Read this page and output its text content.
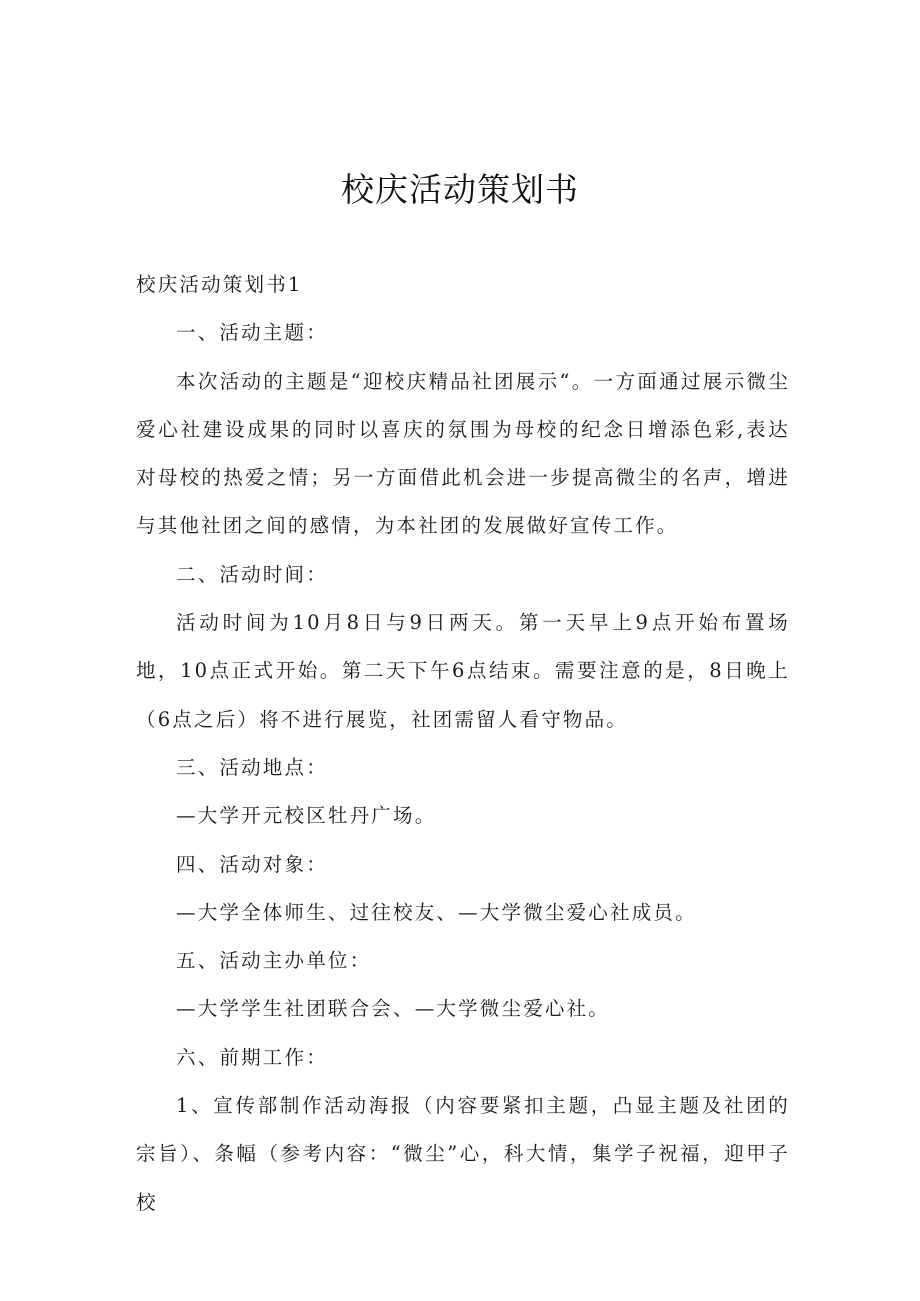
校庆活动策划书

校庆活动策划书1

一、活动主题：

本次活动的主题是“迎校庆精品社团展示“。一方面通过展示微尘爱心社建设成果的同时以喜庆的氛围为母校的纪念日增添色彩,表达对母校的热爱之情；另一方面借此机会进一步提高微尘的名声，增进与其他社团之间的感情，为本社团的发展做好宣传工作。

二、活动时间：

活动时间为10月8日与9日两天。第一天早上9点开始布置场地，10点正式开始。第二天下午6点结束。需要注意的是，8日晚上（6点之后）将不进行展览，社团需留人看守物品。

三、活动地点：

—大学开元校区牡丹广场。

四、活动对象：

—大学全体师生、过往校友、—大学微尘爱心社成员。

五、活动主办单位：

—大学学生社团联合会、—大学微尘爱心社。

六、前期工作：

1、宣传部制作活动海报（内容要紧扣主题，凸显主题及社团的宗旨）、条幅（参考内容：“微尘”心，科大情，集学子祝福，迎甲子校
